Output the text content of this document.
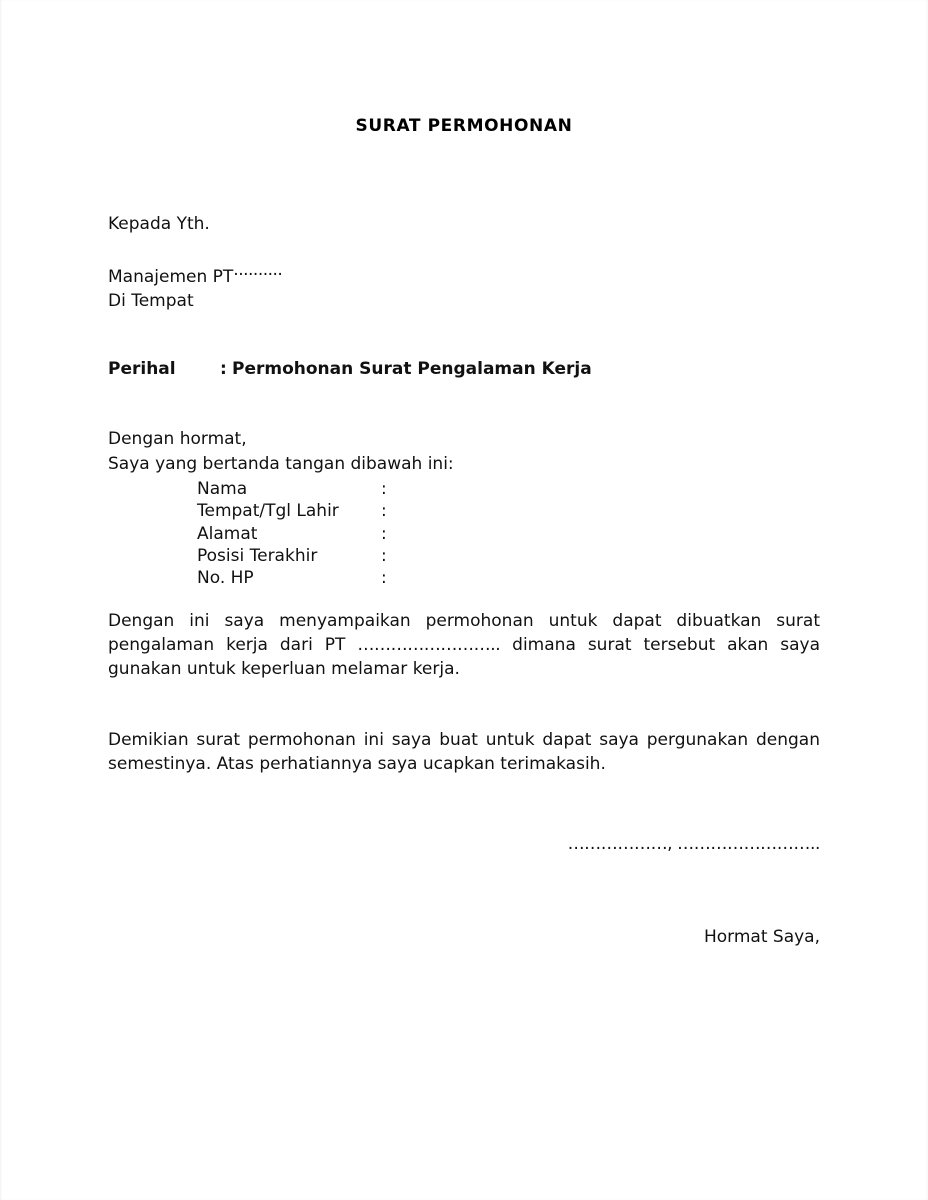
SURAT PERMOHONAN
Kepada Yth.
Manajemen PT..........
Di Tempat
Perihal	: Permohonan Surat Pengalaman Kerja
Dengan hormat,
Saya yang bertanda tangan dibawah ini:
	Nama	:	
	Tempat/Tgl Lahir	:	
	Alamat	:	
	Posisi Terakhir	:	
	No. HP	:	
Dengan ini saya menyampaikan permohonan untuk dapat dibuatkan surat pengalaman kerja dari PT …………………….. dimana surat tersebut akan saya gunakan untuk keperluan melamar kerja.
Demikian surat permohonan ini saya buat untuk dapat saya pergunakan dengan semestinya. Atas perhatiannya saya ucapkan terimakasih.
………………, ……………………..
Hormat Saya,
